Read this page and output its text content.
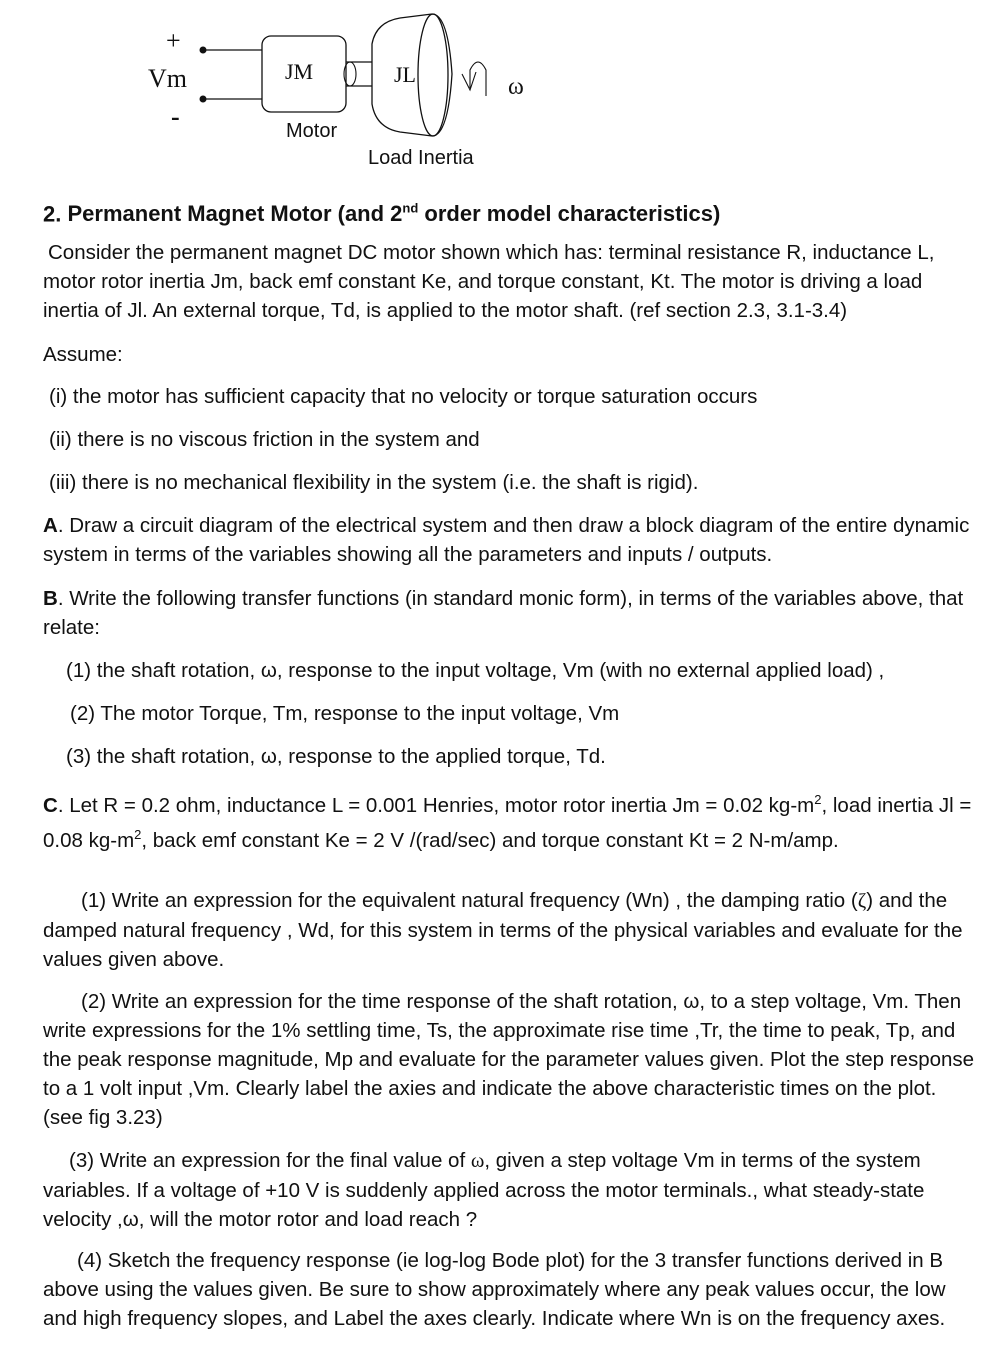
+
Vm
-
JM	JL	ω
Motor
Load Inertia
2. Permanent Magnet Motor (and 2nd order model characteristics)
Consider the permanent magnet DC motor shown which has: terminal resistance R, inductance L, motor rotor inertia Jm, back emf constant Ke, and torque constant, Kt. The motor is driving a load inertia of Jl. An external torque, Td, is applied to the motor shaft. (ref section 2.3, 3.1-3.4)
Assume:
(i) the motor has sufficient capacity that no velocity or torque saturation occurs
(ii) there is no viscous friction in the system and
(iii) there is no mechanical flexibility in the system (i.e. the shaft is rigid).
A. Draw a circuit diagram of the electrical system and then draw a block diagram of the entire dynamic system in terms of the variables showing all the parameters and inputs / outputs.
B. Write the following transfer functions (in standard monic form), in terms of the variables above, that relate:
(1) the shaft rotation, ω, response to the input voltage, Vm (with no external applied load) ,
(2) The motor Torque, Tm, response to the input voltage, Vm
(3) the shaft rotation, ω, response to the applied torque, Td.
C. Let R = 0.2 ohm, inductance L = 0.001 Henries, motor rotor inertia Jm = 0.02 $kg-m^2$, load inertia Jl = 0.08 $kg-m^2$, back emf constant Ke = 2 V /(rad/sec) and torque constant Kt = 2 N-m/amp.
(1) Write an expression for the equivalent natural frequency (Wn) , the damping ratio (ζ) and the damped natural frequency , Wd, for this system in terms of the physical variables and evaluate for the values given above.
(2) Write an expression for the time response of the shaft rotation, ω, to a step voltage, Vm. Then write expressions for the 1% settling time, Ts, the approximate rise time ,Tr, the time to peak, Tp, and the peak response magnitude, Mp and evaluate for the parameter values given. Plot the step response to a 1 volt input ,Vm. Clearly label the axies and indicate the above characteristic times on the plot. (see fig 3.23)
(3) Write an expression for the final value of ω, given a step voltage Vm in terms of the system variables. If a voltage of +10 V is suddenly applied across the motor terminals., what steady-state velocity ,ω, will the motor rotor and load reach ?
(4) Sketch the frequency response (ie log-log Bode plot) for the 3 transfer functions derived in B above using the values given. Be sure to show approximately where any peak values occur, the low and high frequency slopes, and Label the axes clearly. Indicate where Wn is on the frequency axes.
